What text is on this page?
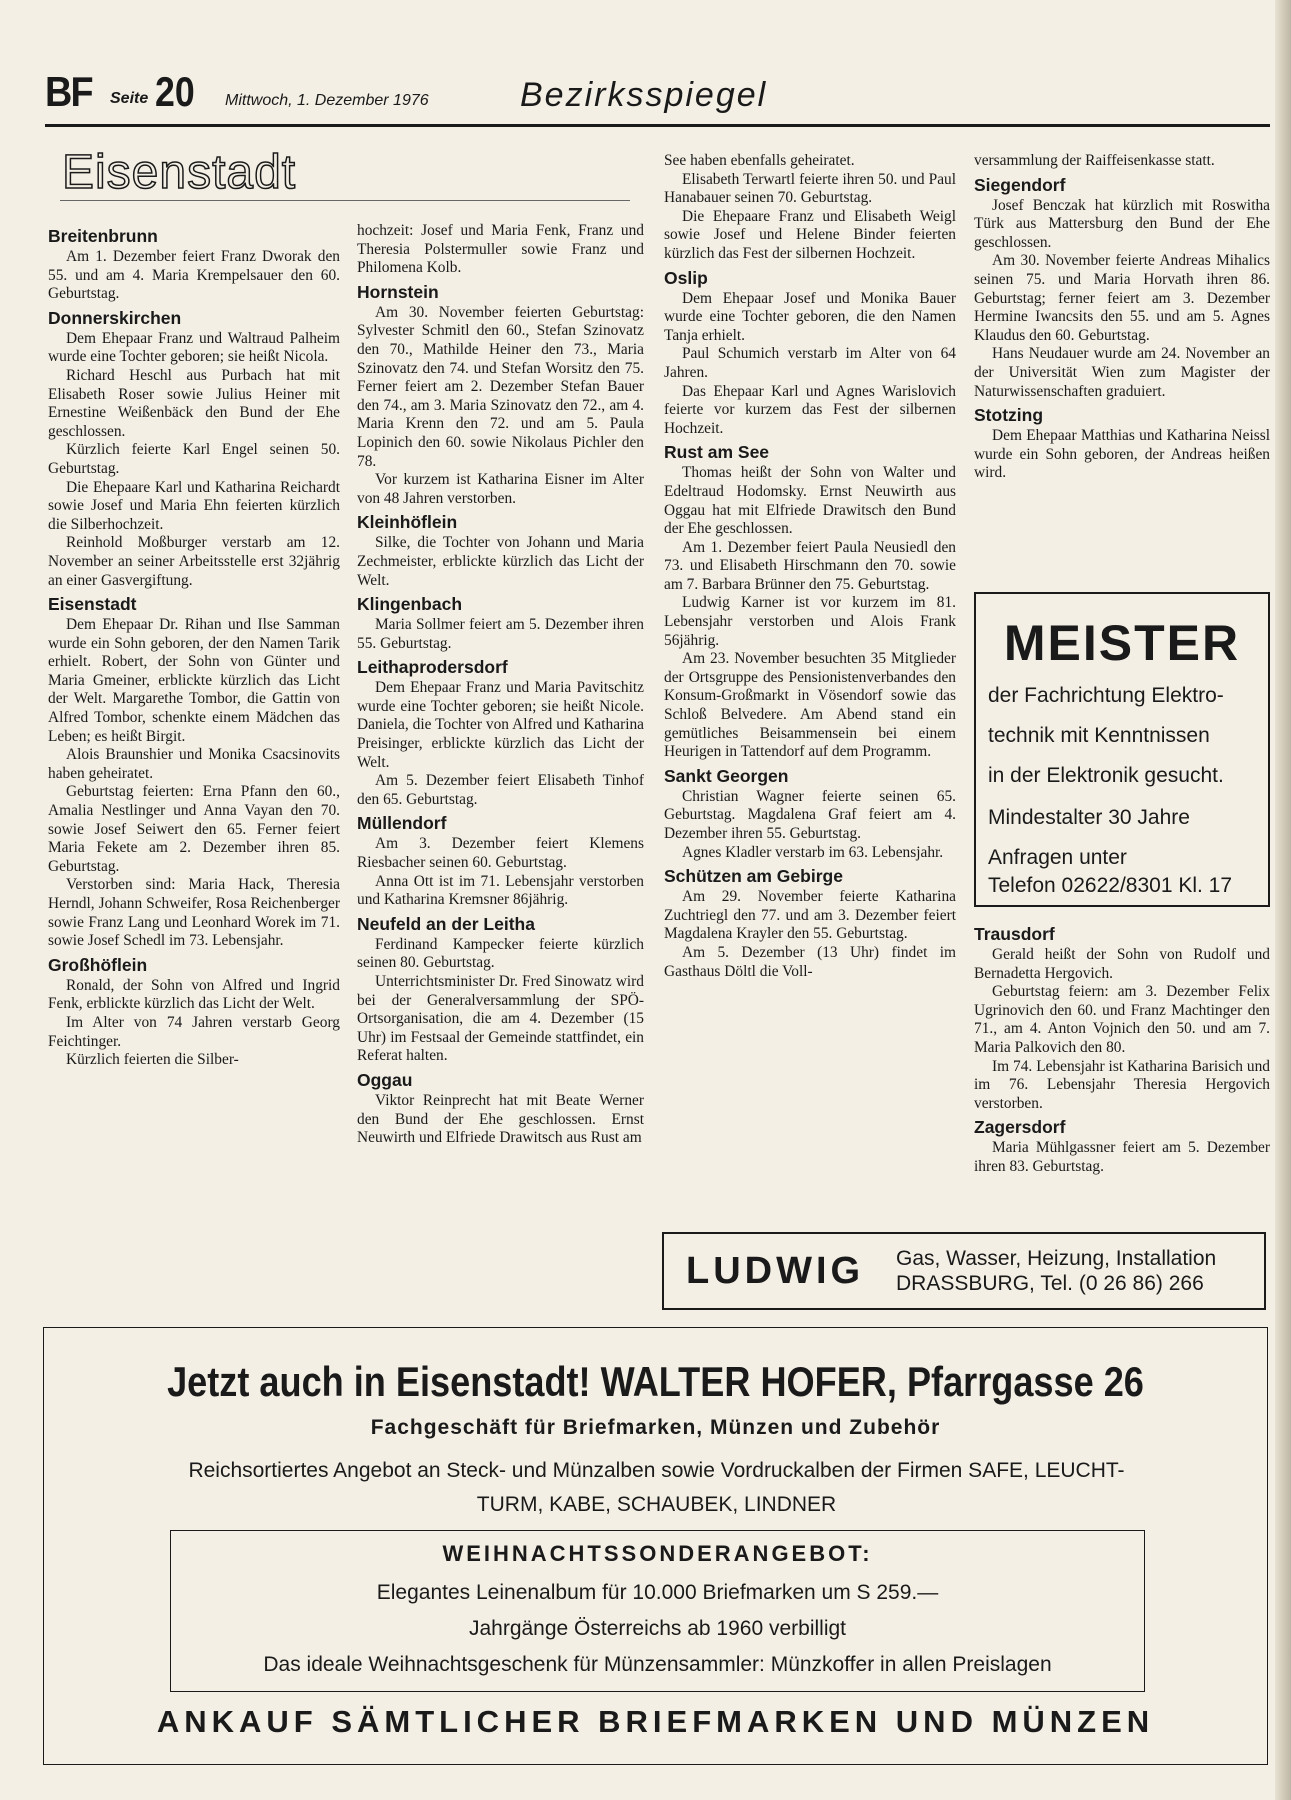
BF Seite 20 Mittwoch, 1. Dezember 1976	Bezirksspiegel
Eisenstadt
Breitenbrunn

Am 1. Dezember feiert Franz Dworak den 55. und am 4. Maria Krempelsauer den 60. Geburtstag.

Donnerskirchen

Dem Ehepaar Franz und Waltraud Palheim wurde eine Tochter geboren; sie heißt Nicola.

Richard Heschl aus Purbach hat mit Elisabeth Roser sowie Julius Heiner mit Ernestine Weißenbäck den Bund der Ehe geschlossen.

Kürzlich feierte Karl Engel seinen 50. Geburtstag.

Die Ehepaare Karl und Katharina Reichardt sowie Josef und Maria Ehn feierten kürzlich die Silberhochzeit.

Reinhold Moßburger verstarb am 12. November an seiner Arbeitsstelle erst 32jährig an einer Gasvergiftung.

Eisenstadt

Dem Ehepaar Dr. Rihan und Ilse Samman wurde ein Sohn geboren, der den Namen Tarik erhielt. Robert, der Sohn von Günter und Maria Gmeiner, erblickte kürzlich das Licht der Welt. Margarethe Tombor, die Gattin von Alfred Tombor, schenkte einem Mädchen das Leben; es heißt Birgit.

Alois Braunshier und Monika Csacsinovits haben geheiratet.

Geburtstag feierten: Erna Pfann den 60., Amalia Nestlinger und Anna Vayan den 70. sowie Josef Seiwert den 65. Ferner feiert Maria Fekete am 2. Dezember ihren 85. Geburtstag.

Verstorben sind: Maria Hack, Theresia Herndl, Johann Schweifer, Rosa Reichenberger sowie Franz Lang und Leonhard Worek im 71. sowie Josef Schedl im 73. Lebensjahr.

Großhöflein

Ronald, der Sohn von Alfred und Ingrid Fenk, erblickte kürzlich das Licht der Welt.

Im Alter von 74 Jahren verstarb Georg Feichtinger.

Kürzlich feierten die Silber-

hochzeit: Josef und Maria Fenk, Franz und Theresia Polstermuller sowie Franz und Philomena Kolb.

Hornstein

Am 30. November feierten Geburtstag: Sylvester Schmitl den 60., Stefan Szinovatz den 70., Mathilde Heiner den 73., Maria Szinovatz den 74. und Stefan Worsitz den 75. Ferner feiert am 2. Dezember Stefan Bauer den 74., am 3. Maria Szinovatz den 72., am 4. Maria Krenn den 72. und am 5. Paula Lopinich den 60. sowie Nikolaus Pichler den 78.

Vor kurzem ist Katharina Eisner im Alter von 48 Jahren verstorben.

Kleinhöflein

Silke, die Tochter von Johann und Maria Zechmeister, erblickte kürzlich das Licht der Welt.

Klingenbach

Maria Sollmer feiert am 5. Dezember ihren 55. Geburtstag.

Leithaprodersdorf

Dem Ehepaar Franz und Maria Pavitschitz wurde eine Tochter geboren; sie heißt Nicole. Daniela, die Tochter von Alfred und Katharina Preisinger, erblickte kürzlich das Licht der Welt.

Am 5. Dezember feiert Elisabeth Tinhof den 65. Geburtstag.

Müllendorf

Am 3. Dezember feiert Klemens Riesbacher seinen 60. Geburtstag.

Anna Ott ist im 71. Lebensjahr verstorben und Katharina Kremsner 86jährig.

Neufeld an der Leitha

Ferdinand Kampecker feierte kürzlich seinen 80. Geburtstag.

Unterrichtsminister Dr. Fred Sinowatz wird bei der Generalversammlung der SPÖ-Ortsorganisation, die am 4. Dezember (15 Uhr) im Festsaal der Gemeinde stattfindet, ein Referat halten.

Oggau

Viktor Reinprecht hat mit Beate Werner den Bund der Ehe geschlossen. Ernst Neuwirth und Elfriede Drawitsch aus Rust am

See haben ebenfalls geheiratet.

Elisabeth Terwartl feierte ihren 50. und Paul Hanabauer seinen 70. Geburtstag.

Die Ehepaare Franz und Elisabeth Weigl sowie Josef und Helene Binder feierten kürzlich das Fest der silbernen Hochzeit.

Oslip

Dem Ehepaar Josef und Monika Bauer wurde eine Tochter geboren, die den Namen Tanja erhielt.

Paul Schumich verstarb im Alter von 64 Jahren.

Das Ehepaar Karl und Agnes Warislovich feierte vor kurzem das Fest der silbernen Hochzeit.

Rust am See

Thomas heißt der Sohn von Walter und Edeltraud Hodomsky. Ernst Neuwirth aus Oggau hat mit Elfriede Drawitsch den Bund der Ehe geschlossen.

Am 1. Dezember feiert Paula Neusiedl den 73. und Elisabeth Hirschmann den 70. sowie am 7. Barbara Brünner den 75. Geburtstag.

Ludwig Karner ist vor kurzem im 81. Lebensjahr verstorben und Alois Frank 56jährig.

Am 23. November besuchten 35 Mitglieder der Ortsgruppe des Pensionistenverbandes den Konsum-Großmarkt in Vösendorf sowie das Schloß Belvedere. Am Abend stand ein gemütliches Beisammensein bei einem Heurigen in Tattendorf auf dem Programm.

Sankt Georgen

Christian Wagner feierte seinen 65. Geburtstag. Magdalena Graf feiert am 4. Dezember ihren 55. Geburtstag.

Agnes Kladler verstarb im 63. Lebensjahr.

Schützen am Gebirge

Am 29. November feierte Katharina Zuchtriegl den 77. und am 3. Dezember feiert Magdalena Krayler den 55. Geburtstag.

Am 5. Dezember (13 Uhr) findet im Gasthaus Döltl die Voll-

versammlung der Raiffeisenkasse statt.

Siegendorf

Josef Benczak hat kürzlich mit Roswitha Türk aus Mattersburg den Bund der Ehe geschlossen.

Am 30. November feierte Andreas Mihalics seinen 75. und Maria Horvath ihren 86. Geburtstag; ferner feiert am 3. Dezember Hermine Iwancsits den 55. und am 5. Agnes Klaudus den 60. Geburtstag.

Hans Neudauer wurde am 24. November an der Universität Wien zum Magister der Naturwissenschaften graduiert.

Stotzing

Dem Ehepaar Matthias und Katharina Neissl wurde ein Sohn geboren, der Andreas heißen wird.

MEISTER
der Fachrichtung Elektro-
technik mit Kenntnissen
in der Elektronik gesucht.
Mindestalter 30 Jahre
Anfragen unter
Telefon 02622/8301 Kl. 17
Trausdorf

Gerald heißt der Sohn von Rudolf und Bernadetta Hergovich.

Geburtstag feiern: am 3. Dezember Felix Ugrinovich den 60. und Franz Machtinger den 71., am 4. Anton Vojnich den 50. und am 7. Maria Palkovich den 80.

Im 74. Lebensjahr ist Katharina Barisich und im 76. Lebensjahr Theresia Hergovich verstorben.

Zagersdorf

Maria Mühlgassner feiert am 5. Dezember ihren 83. Geburtstag.

LUDWIG Gas, Wasser, Heizung, Installation
DRASSBURG, Tel. (0 26 86) 266
Jetzt auch in Eisenstadt! WALTER HOFER, Pfarrgasse 26
Fachgeschäft für Briefmarken, Münzen und Zubehör
Reichsortiertes Angebot an Steck- und Münzalben sowie Vordruckalben der Firmen SAFE, LEUCHT-
TURM, KABE, SCHAUBEK, LINDNER
WEIHNACHTSSONDERANGEBOT:
Elegantes Leinenalbum für 10.000 Briefmarken um S 259.—
Jahrgänge Österreichs ab 1960 verbilligt
Das ideale Weihnachtsgeschenk für Münzensammler: Münzkoffer in allen Preislagen
ANKAUF SÄMTLICHER BRIEFMARKEN UND MÜNZEN
